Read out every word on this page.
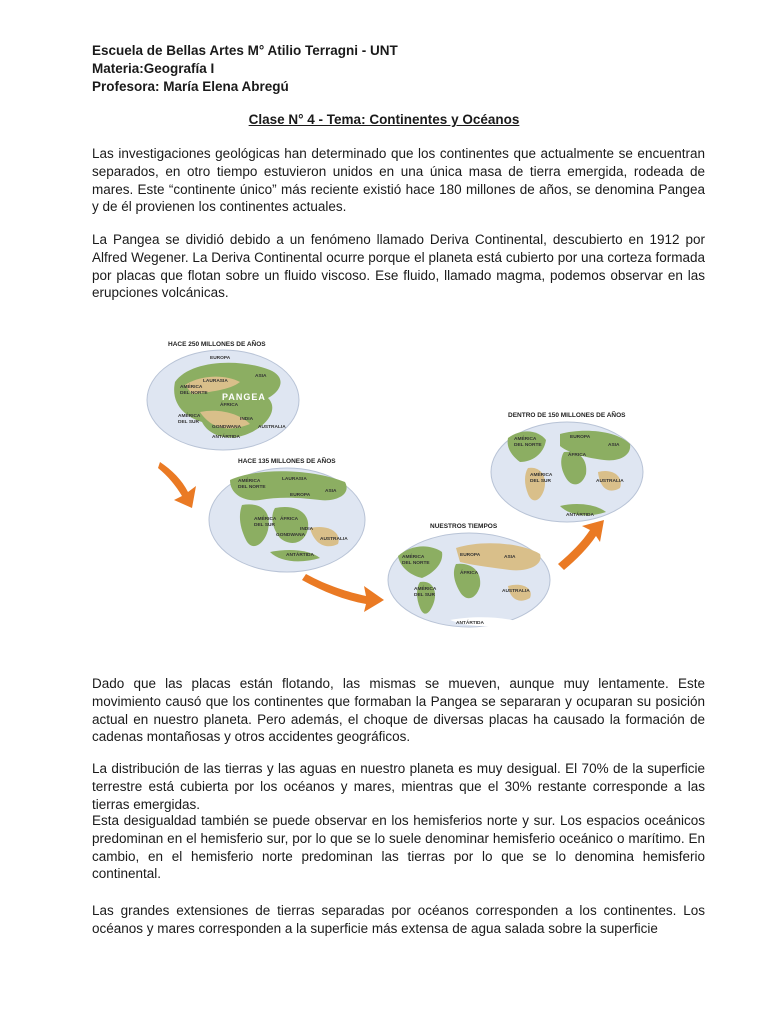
Escuela de Bellas Artes M° Atilio Terragni - UNT
Materia:Geografía I
Profesora: María Elena Abregú
Clase N° 4 - Tema: Continentes y Océanos

Las investigaciones geológicas han determinado que los continentes que actualmente se encuentran separados, en otro tiempo estuvieron unidos en una única masa de tierra emergida, rodeada de mares. Este “continente único” más reciente existió hace 180 millones de años, se denomina Pangea y de él provienen los continentes actuales.

La Pangea se dividió debido a un fenómeno llamado Deriva Continental, descubierto en 1912 por Alfred Wegener. La Deriva Continental ocurre porque el planeta está cubierto por una corteza formada por placas que flotan sobre un fluido viscoso. Ese fluido, llamado magma, podemos observar en las erupciones volcánicas.

HACE 250 MILLONES DE AÑOS
EUROPA
ASIA
LAURASIA
AMÉRICA
DEL NORTE PANGEA
ÁFRICA
AMÉRICA
DEL SUR
INDIA
GONDWANA	AUSTRALIA
ANTÁRTIDA
HACE 135 MILLONES DE AÑOS
AMÉRICA
DEL NORTE
LAURASIA
EUROPA
ASIA
AMÉRICA
DEL SUR
ÁFRICA
INDIA
GONDWANA
AUSTRALIA
ANTÁRTIDA
NUESTROS TIEMPOS
AMÉRICA
DEL NORTE
EUROPA	ASIA
ÁFRICA
AMÉRICA
DEL SUR
AUSTRALIA
ANTÁRTIDA
DENTRO DE 150 MILLONES DE AÑOS
AMÉRICA
DEL NORTE
EUROPA
ASIA
ÁFRICA
AMÉRICA
DEL SUR	AUSTRALIA
ANTÁRTIDA

Dado que las placas están flotando, las mismas se mueven, aunque muy lentamente. Este movimiento causó que los continentes que formaban la Pangea se separaran y ocuparan su posición actual en nuestro planeta. Pero además, el choque de diversas placas ha causado la formación de cadenas montañosas y otros accidentes geográficos.

La distribución de las tierras y las aguas en nuestro planeta es muy desigual. El 70% de la superficie terrestre está cubierta por los océanos y mares, mientras que el 30% restante corresponde a las tierras emergidas.

Esta desigualdad también se puede observar en los hemisferios norte y sur. Los espacios oceánicos predominan en el hemisferio sur, por lo que se lo suele denominar hemisferio oceánico o marítimo. En cambio, en el hemisferio norte predominan las tierras por lo que se lo denomina hemisferio continental.

Las grandes extensiones de tierras separadas por océanos corresponden a los continentes. Los océanos y mares corresponden a la superficie más extensa de agua salada sobre la superficie
